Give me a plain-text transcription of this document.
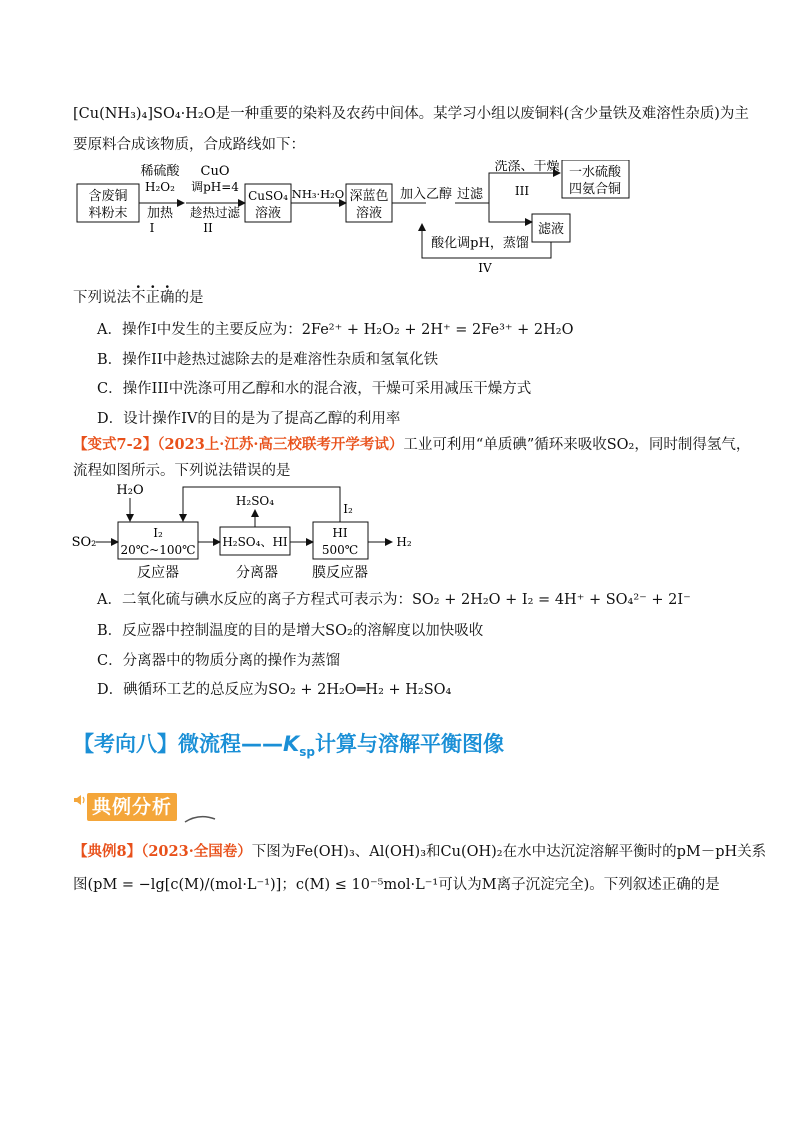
[Cu(NH₃)₄]SO₄·H₂O是一种重要的染料及农药中间体。某学习小组以废铜料(含少量铁及难溶性杂质)为主
要原料合成该物质，合成路线如下：
含废铜
料粉末
稀硫酸
H₂O₂
加热
I
CuO
调pH=4
趁热过滤
II
CuSO₄
溶液
NH₃·H₂O 深蓝色
溶液
加入乙醇 过滤
洗涤、干燥
III
一水硫酸
四氨合铜
滤液
酸化调pH，蒸馏
IV
下列说法不正确的是
A．操作I中发生的主要反应为：2Fe²⁺ + H₂O₂ + 2H⁺ = 2Fe³⁺ + 2H₂O
B．操作II中趁热过滤除去的是难溶性杂质和氢氧化铁
C．操作III中洗涤可用乙醇和水的混合液，干燥可采用减压干燥方式
D．设计操作IV的目的是为了提高乙醇的利用率
【变式7-2】（2023上·江苏·高三校联考开学考试）工业可利用“单质碘”循环来吸收SO₂，同时制得氢气，
流程如图所示。下列说法错误的是
H₂O
SO₂
I₂
20℃~100℃
H₂SO₄、HI
H₂SO₄
HI
500℃
I₂
H₂
反应器	分离器 膜反应器
A．二氧化硫与碘水反应的离子方程式可表示为：SO₂ + 2H₂O + I₂ = 4H⁺ + SO₄²⁻ + 2I⁻
B．反应器中控制温度的目的是增大SO₂的溶解度以加快吸收
C．分离器中的物质分离的操作为蒸馏
D．碘循环工艺的总反应为SO₂ + 2H₂O═H₂ + H₂SO₄
【考向八】微流程$——K_{sp}$计算与溶解平衡图像
典例分析
【典例8】（2023·全国卷）下图为Fe(OH)₃、Al(OH)₃和Cu(OH)₂在水中达沉淀溶解平衡时的pM－pH关系
图(pM = −lg[c(M)/(mol·L⁻¹)]；c(M) ≤ 10⁻⁵mol·L⁻¹可认为M离子沉淀完全)。下列叙述正确的是
